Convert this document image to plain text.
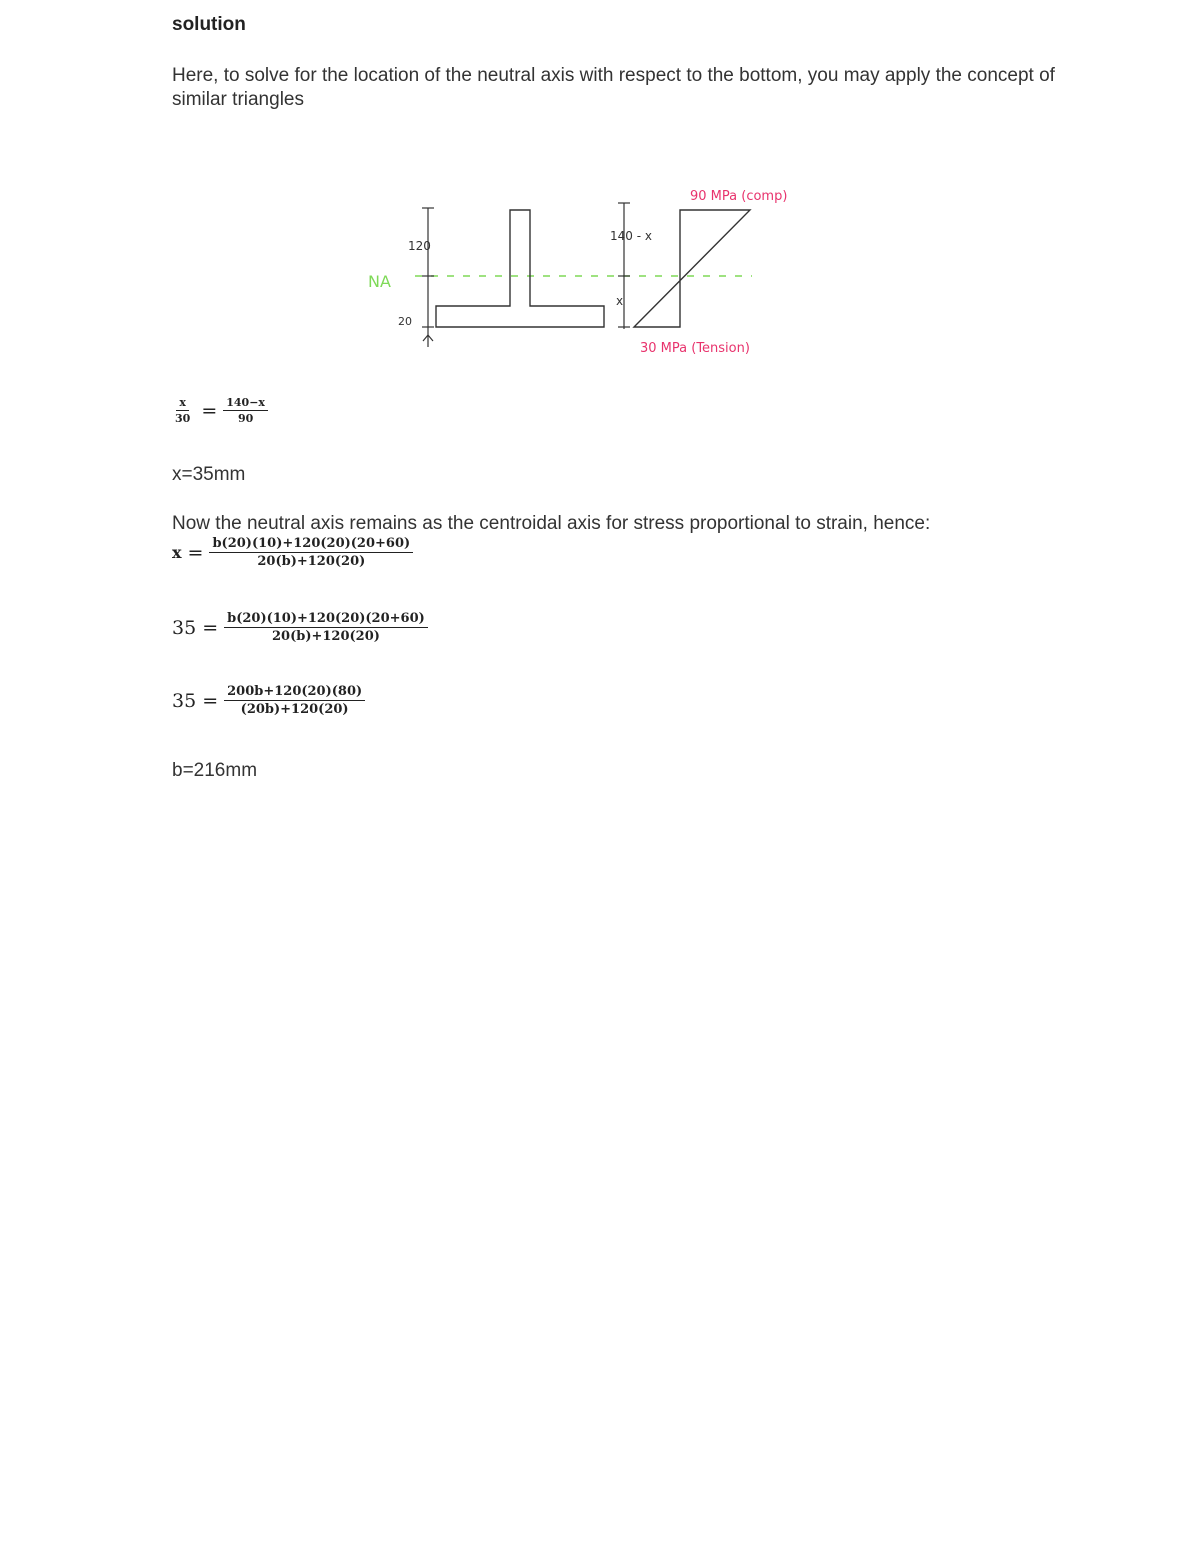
solution
Here, to solve for the location of the neutral axis with respect to the bottom, you may apply the concept of similar triangles
NA
120
20
140 - x
x
90 MPa (comp)
30 MPa (Tension)
$\frac{x}{30} = \frac{140-x}{90}$
x=35mm
Now the neutral axis remains as the centroidal axis for stress proportional to strain, hence:
$x = \frac{b(20)(10)+120(20)(20+60)}{20(b)+120(20)}$
$35 = \frac{b(20)(10)+120(20)(20+60)}{20(b)+120(20)}$
$35 = \frac{200b+120(20)(80)}{(20b)+120(20)}$
b=216mm
